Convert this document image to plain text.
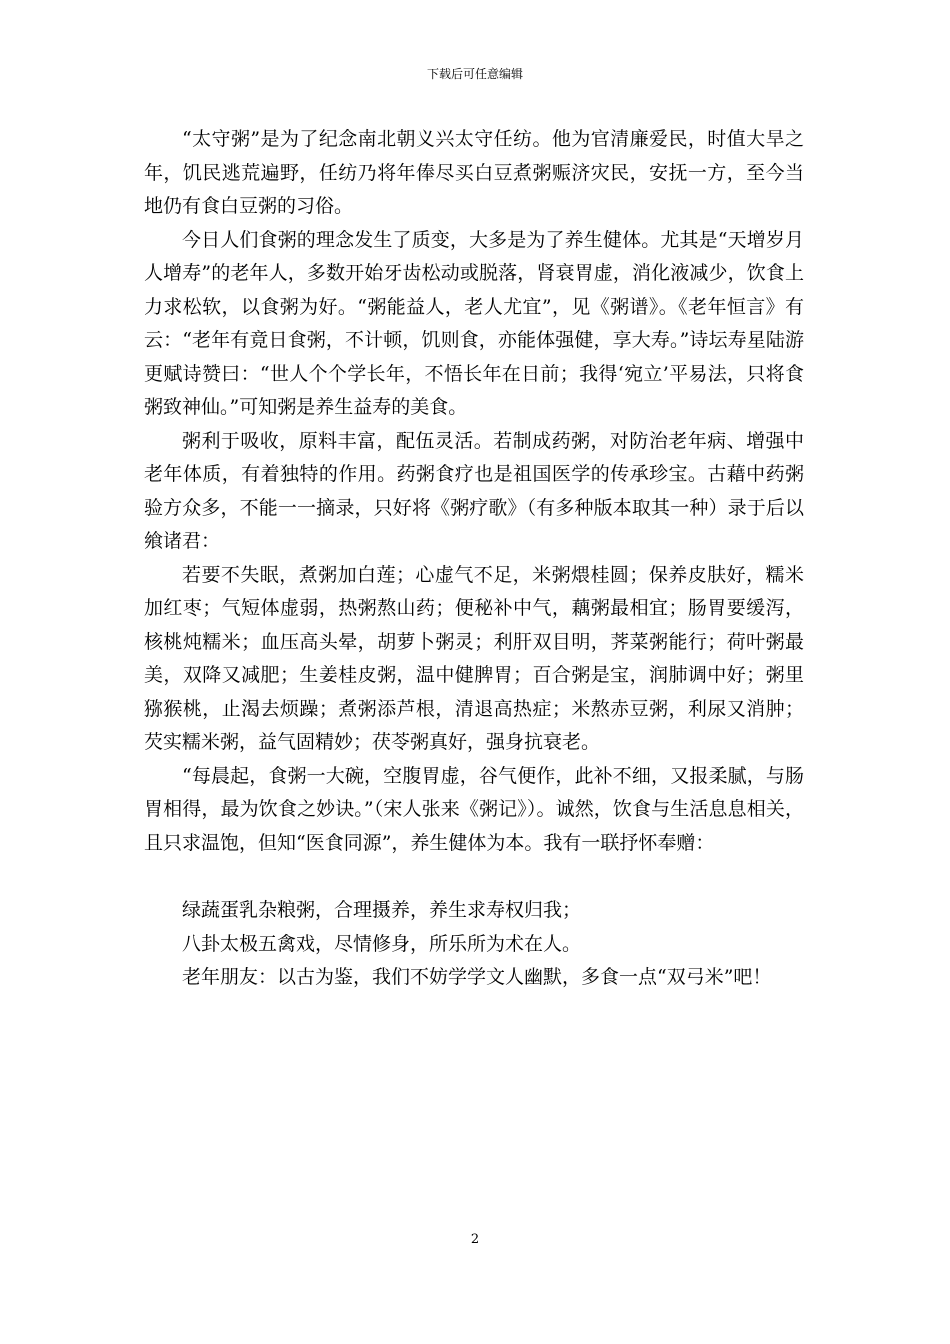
下载后可任意编辑

“太守粥”是为了纪念南北朝义兴太守任纺。他为官清廉爱民，时值大旱之年，饥民逃荒遍野，任纺乃将年俸尽买白豆煮粥赈济灾民，安抚一方，至今当地仍有食白豆粥的习俗。

今日人们食粥的理念发生了质变，大多是为了养生健体。尤其是“天增岁月人增寿”的老年人，多数开始牙齿松动或脱落，肾衰胃虚，消化液减少，饮食上力求松软，以食粥为好。“粥能益人，老人尤宜”，见《粥谱》。《老年恒言》有云：“老年有竟日食粥，不计顿，饥则食，亦能体强健，享大寿。”诗坛寿星陆游更赋诗赞曰：“世人个个学长年，不悟长年在日前；我得‘宛立’平易法，只将食粥致神仙。”可知粥是养生益寿的美食。

粥利于吸收，原料丰富，配伍灵活。若制成药粥，对防治老年病、增强中老年体质，有着独特的作用。药粥食疗也是祖国医学的传承珍宝。古藉中药粥验方众多，不能一一摘录，只好将《粥疗歌》（有多种版本取其一种）录于后以飨诸君：

若要不失眠，煮粥加白莲；心虚气不足，米粥煨桂圆；保养皮肤好，糯米加红枣；气短体虚弱，热粥熬山药；便秘补中气，藕粥最相宜；肠胃要缓泻，核桃炖糯米；血压高头晕，胡萝卜粥灵；利肝双目明，荠菜粥能行；荷叶粥最美，双降又减肥；生姜桂皮粥，温中健脾胃；百合粥是宝，润肺调中好；粥里猕猴桃，止渴去烦躁；煮粥添芦根，清退高热症；米熬赤豆粥，利尿又消肿；芡实糯米粥，益气固精妙；茯苓粥真好，强身抗衰老。

“每晨起，食粥一大碗，空腹胃虚，谷气便作，此补不细，又报柔腻，与肠胃相得，最为饮食之妙诀。”（宋人张来《粥记》）。诚然，饮食与生活息息相关，且只求温饱，但知“医食同源”，养生健体为本。我有一联抒怀奉赠：

绿蔬蛋乳杂粮粥，合理摄养，养生求寿权归我；

八卦太极五禽戏，尽情修身，所乐所为术在人。

老年朋友：以古为鉴，我们不妨学学文人幽默，多食一点“双弓米”吧！

2
